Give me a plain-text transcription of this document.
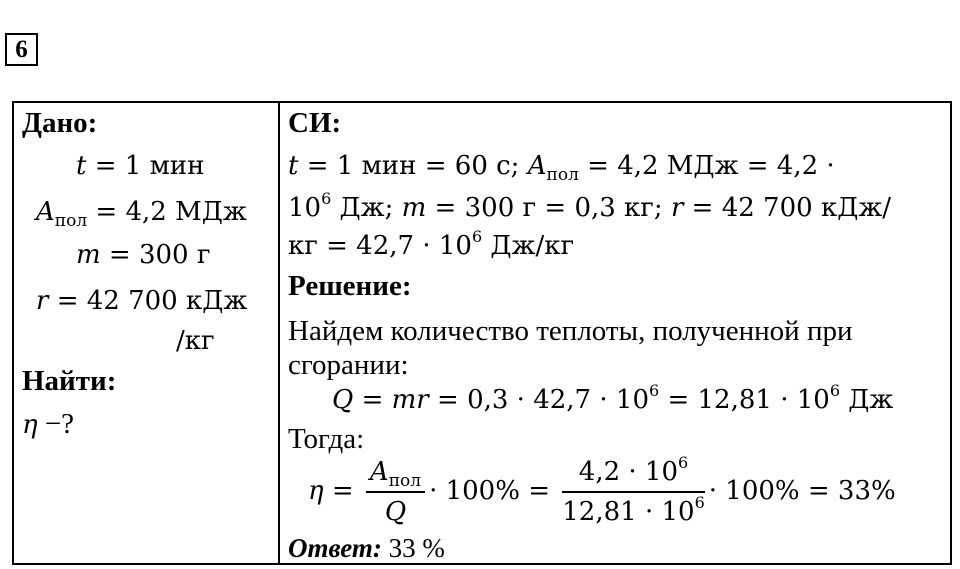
6
Дано:
t = 1 мин
$A_{пол} = 4,2$ МДж
m = 300 г
r = 42 700 кДж
/кг
Найти:
η −?

СИ:
t = 1 мин = 60 с; $A_{пол} = 4,2$ МДж = 4,2 ·
$10^6$ Дж; m = 300 г = 0,3 кг; r = 42 700 кДж/
кг = $42,7 \cdot 10^6$ Дж/кг
Решение:
Найдем количество теплоты, полученной при
сгорании:
Q = mr = $0,3 \cdot 42,7 \cdot 10^6 = 12,81 \cdot 10^6$ Дж
Тогда:
$\eta = \frac{A_{пол}}{Q} \cdot 100\% = \frac{4,2 \cdot 10^6}{12,81 \cdot 10^6} \cdot 100\% = 33\%$
Ответ: 33 %
